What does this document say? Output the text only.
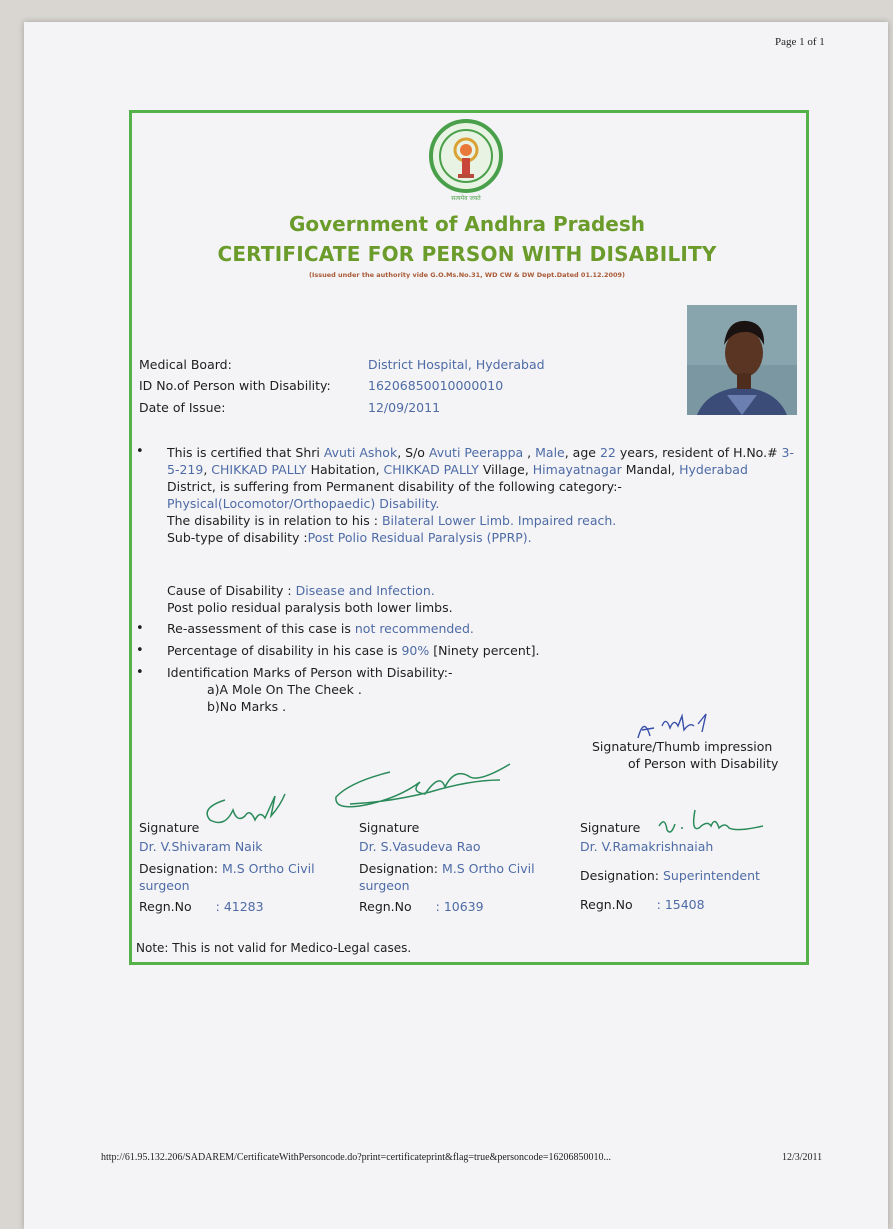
Page 1 of 1
सत्यमेव जयते
Government of Andhra Pradesh
CERTIFICATE FOR PERSON WITH DISABILITY
(Issued under the authority vide G.O.Ms.No.31, WD CW & DW Dept.Dated 01.12.2009)
Medical Board:	District Hospital, Hyderabad
ID No.of Person with Disability:	16206850010000010
Date of Issue:	12/09/2011
• This is certified that Shri Avuti Ashok, S/o Avuti Peerappa , Male, age 22 years, resident of H.No.# 3-5-219, CHIKKAD PALLY Habitation, CHIKKAD PALLY Village, Himayatnagar Mandal, Hyderabad District, is suffering from Permanent disability of the following category:-
Physical(Locomotor/Orthopaedic) Disability.
The disability is in relation to his : Bilateral Lower Limb. Impaired reach.
Sub-type of disability :Post Polio Residual Paralysis (PPRP).
Cause of Disability : Disease and Infection.
Post polio residual paralysis both lower limbs.
• Re-assessment of this case is not recommended.
• Percentage of disability in his case is 90% [Ninety percent].
• Identification Marks of Person with Disability:-
a)A Mole On The Cheek .
b)No Marks .
Signature/Thumb impression
of Person with Disability
Signature
Dr. V.Shivaram Naik
Designation: M.S Ortho Civil surgeon
Regn.No : 41283
Signature
Dr. S.Vasudeva Rao
Designation: M.S Ortho Civil surgeon
Regn.No : 10639
Signature
Dr. V.Ramakrishnaiah
Designation: Superintendent
Regn.No : 15408
Note: This is not valid for Medico-Legal cases.
http://61.95.132.206/SADAREM/CertificateWithPersoncode.do?print=certificateprint&flag=true&personcode=16206850010...	12/3/2011
